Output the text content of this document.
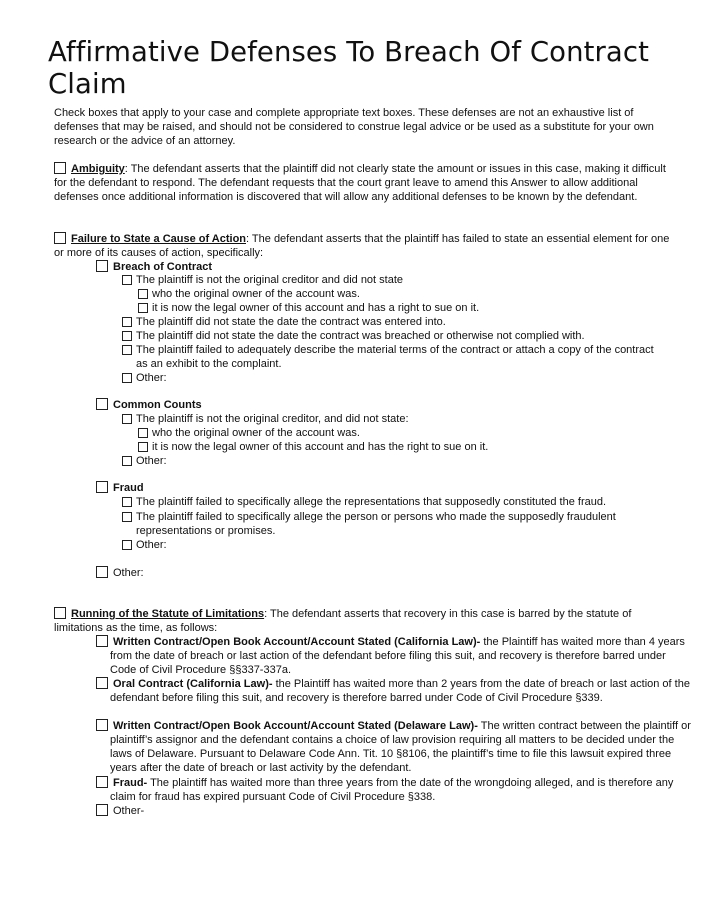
Affirmative Defenses To Breach Of Contract Claim
Check boxes that apply to your case and complete appropriate text boxes. These defenses are not an exhaustive list of defenses that may be raised, and should not be considered to construe legal advice or be used as a substitute for your own research or the advice of an attorney.
Ambiguity: The defendant asserts that the plaintiff did not clearly state the amount or issues in this case, making it difficult for the defendant to respond. The defendant requests that the court grant leave to amend this Answer to allow additional defenses once additional information is discovered that will allow any additional defenses to be known by the defendant.
Failure to State a Cause of Action: The defendant asserts that the plaintiff has failed to state an essential element for one or more of its causes of action, specifically:
Breach of Contract
The plaintiff is not the original creditor and did not state
who the original owner of the account was.
it is now the legal owner of this account and has a right to sue on it.
The plaintiff did not state the date the contract was entered into.
The plaintiff did not state the date the contract was breached or otherwise not complied with.
The plaintiff failed to adequately describe the material terms of the contract or attach a copy of the contract as an exhibit to the complaint.
Other:
Common Counts
The plaintiff is not the original creditor, and did not state:
who the original owner of the account was.
it is now the legal owner of this account and has the right to sue on it.
Other:
Fraud
The plaintiff failed to specifically allege the representations that supposedly constituted the fraud.
The plaintiff failed to specifically allege the person or persons who made the supposedly fraudulent representations or promises.
Other:
Other:
Running of the Statute of Limitations: The defendant asserts that recovery in this case is barred by the statute of limitations as the time, as follows:
Written Contract/Open Book Account/Account Stated (California Law)- the Plaintiff has waited more than 4 years from the date of breach or last action of the defendant before filing this suit, and recovery is therefore barred under Code of Civil Procedure §§337-337a.
Oral Contract (California Law)- the Plaintiff has waited more than 2 years from the date of breach or last action of the defendant before filing this suit, and recovery is therefore barred under Code of Civil Procedure §339.
Written Contract/Open Book Account/Account Stated (Delaware Law)- The written contract between the plaintiff or plaintiff’s assignor and the defendant contains a choice of law provision requiring all matters to be decided under the laws of Delaware. Pursuant to Delaware Code Ann. Tit. 10 §8106, the plaintiff’s time to file this lawsuit expired three years after the date of breach or last activity by the defendant.
Fraud- The plaintiff has waited more than three years from the date of the wrongdoing alleged, and is therefore any claim for fraud has expired pursuant Code of Civil Procedure §338.
Other-
